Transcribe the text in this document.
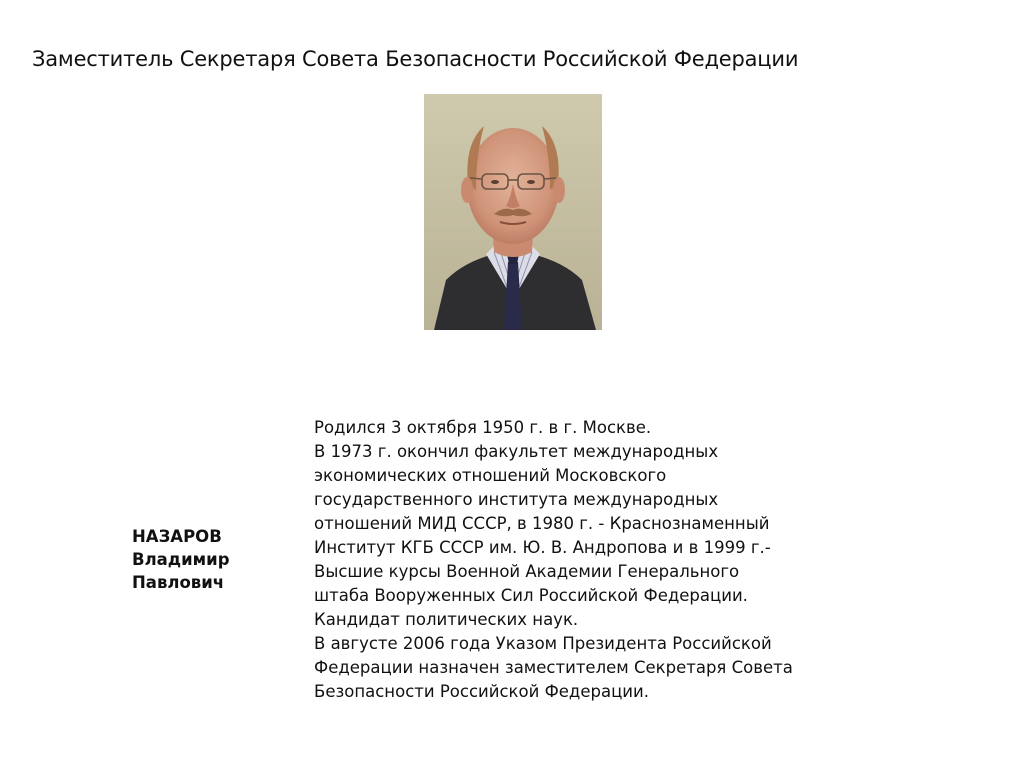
Заместитель Секретаря Совета Безопасности Российской Федерации
НАЗАРОВ
Владимир
Павлович
Родился 3 октября 1950 г. в г. Москве.
В 1973 г. окончил факультет международных
экономических отношений Московского
государственного института международных
отношений МИД СССР, в 1980 г. - Краснознаменный
Институт КГБ СССР им. Ю. В. Андропова и в 1999 г.-
Высшие курсы Военной Академии Генерального
штаба Вооруженных Сил Российской Федерации.
Кандидат политических наук.
В августе 2006 года Указом Президента Российской
Федерации назначен заместителем Секретаря Совета
Безопасности Российской Федерации.
